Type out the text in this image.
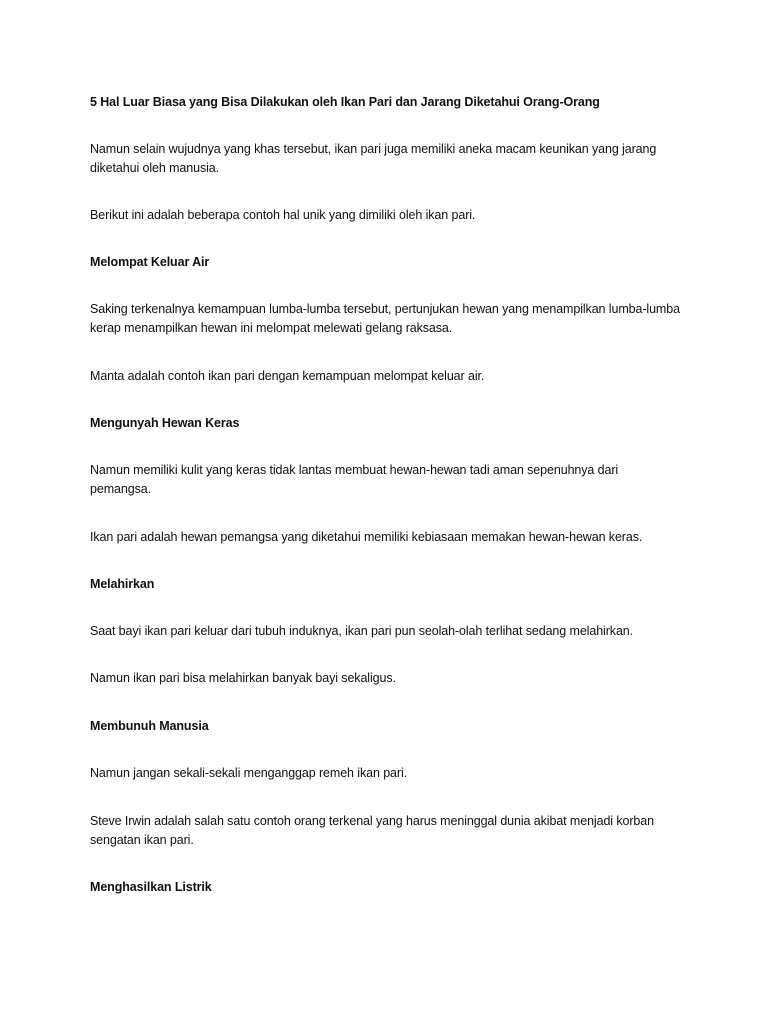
5 Hal Luar Biasa yang Bisa Dilakukan oleh Ikan Pari dan Jarang Diketahui Orang-Orang

Namun selain wujudnya yang khas tersebut, ikan pari juga memiliki aneka macam keunikan yang jarang diketahui oleh manusia.

Berikut ini adalah beberapa contoh hal unik yang dimiliki oleh ikan pari.

Melompat Keluar Air

Saking terkenalnya kemampuan lumba-lumba tersebut, pertunjukan hewan yang menampilkan lumba-lumba kerap menampilkan hewan ini melompat melewati gelang raksasa.

Manta adalah contoh ikan pari dengan kemampuan melompat keluar air.

Mengunyah Hewan Keras

Namun memiliki kulit yang keras tidak lantas membuat hewan-hewan tadi aman sepenuhnya dari pemangsa.

Ikan pari adalah hewan pemangsa yang diketahui memiliki kebiasaan memakan hewan-hewan keras.

Melahirkan

Saat bayi ikan pari keluar dari tubuh induknya, ikan pari pun seolah-olah terlihat sedang melahirkan.

Namun ikan pari bisa melahirkan banyak bayi sekaligus.

Membunuh Manusia

Namun jangan sekali-sekali menganggap remeh ikan pari.

Steve Irwin adalah salah satu contoh orang terkenal yang harus meninggal dunia akibat menjadi korban sengatan ikan pari.

Menghasilkan Listrik
